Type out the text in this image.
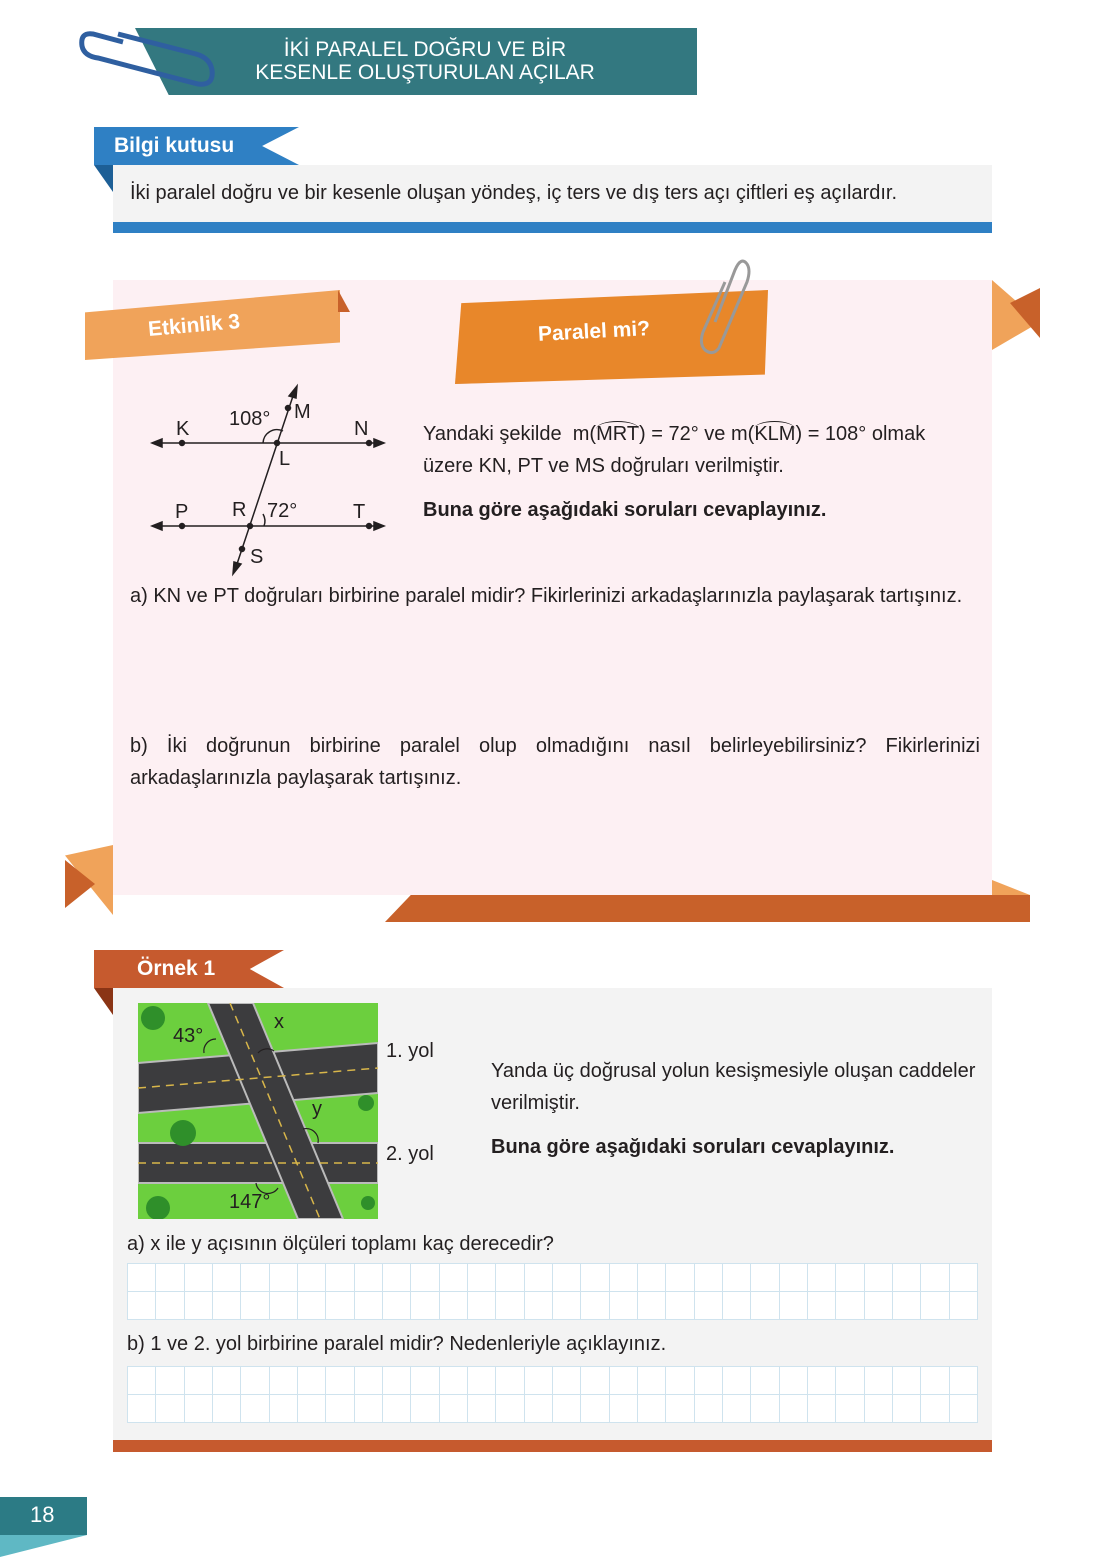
İKİ PARALEL DOĞRU VE BİR
KESENLE OLUŞTURULAN AÇILAR
Bilgi kutusu
İki paralel doğru ve bir kesenle oluşan yöndeş, iç ters ve dış ters açı çiftleri eş açılardır.
Etkinlik 3	Paralel mi?
K	N
L
M
P R	T
S
108°
72°
Yandaki şekilde m(MRT) = 72° ve m(KLM) = 108° olmak
üzere KN, PT ve MS doğruları verilmiştir.
Buna göre aşağıdaki soruları cevaplayınız.
a) KN ve PT doğruları birbirine paralel midir? Fikirlerinizi arkadaşlarınızla paylaşarak tartışınız.
b) İki doğrunun birbirine paralel olup olmadığını nasıl belirleyebilirsiniz? Fikirlerinizi arkadaşlarınızla paylaşarak tartışınız.
Örnek 1
43°
x
y
147°
1. yol
2. yol
Yanda üç doğrusal yolun kesişmesiyle oluşan caddeler verilmiştir.
Buna göre aşağıdaki soruları cevaplayınız.
a) x ile y açısının ölçüleri toplamı kaç derecedir?
b) 1 ve 2. yol birbirine paralel midir? Nedenleriyle açıklayınız.
18
